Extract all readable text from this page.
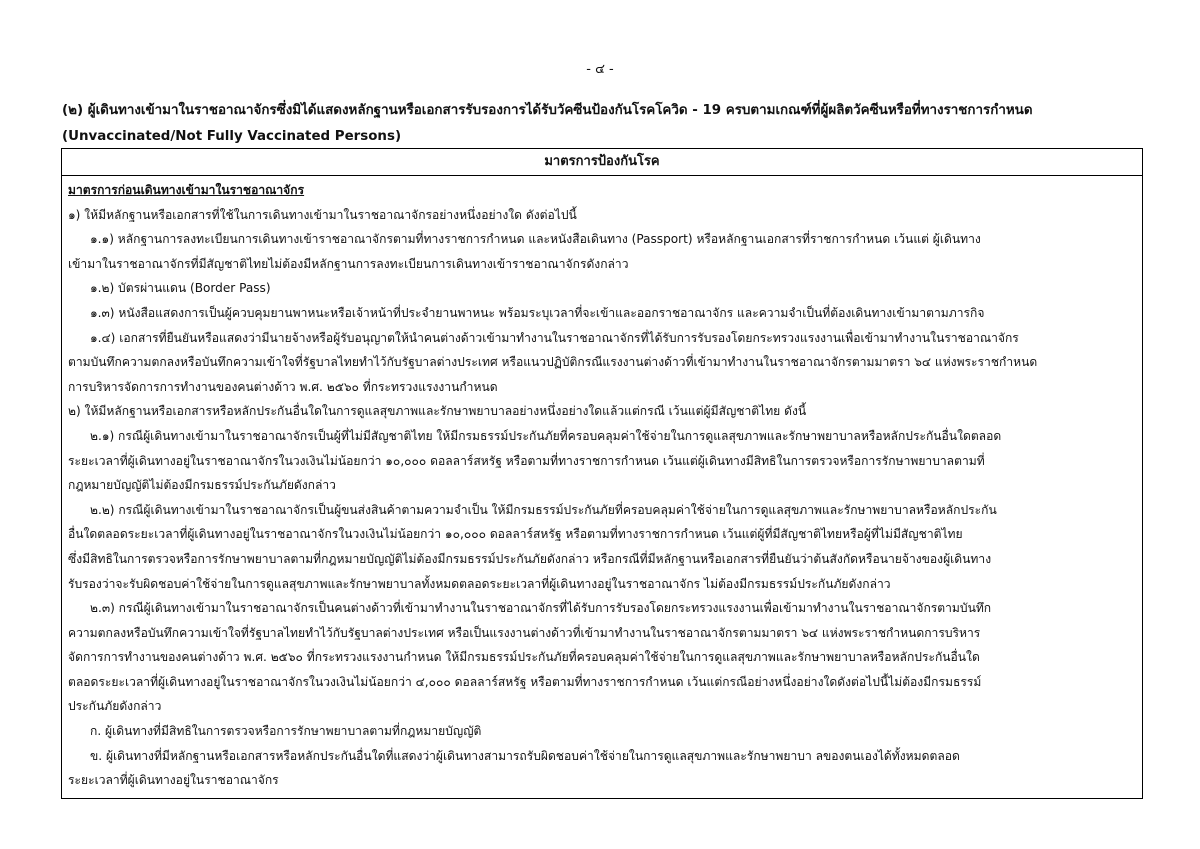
- ๔ -
(๒) ผู้เดินทางเข้ามาในราชอาณาจักรซึ่งมิได้แสดงหลักฐานหรือเอกสารรับรองการได้รับวัคซีนป้องกันโรคโควิด - 19 ครบตามเกณฑ์ที่ผู้ผลิตวัคซีนหรือที่ทางราชการกำหนด
(Unvaccinated/Not Fully Vaccinated Persons)
มาตรการป้องกันโรค
มาตรการก่อนเดินทางเข้ามาในราชอาณาจักร
๑) ให้มีหลักฐานหรือเอกสารที่ใช้ในการเดินทางเข้ามาในราชอาณาจักรอย่างหนึ่งอย่างใด ดังต่อไปนี้
๑.๑) หลักฐานการลงทะเบียนการเดินทางเข้าราชอาณาจักรตามที่ทางราชการกำหนด และหนังสือเดินทาง (Passport) หรือหลักฐานเอกสารที่ราชการกำหนด เว้นแต่ ผู้เดินทาง
เข้ามาในราชอาณาจักรที่มีสัญชาติไทยไม่ต้องมีหลักฐานการลงทะเบียนการเดินทางเข้าราชอาณาจักรดังกล่าว
๑.๒) บัตรผ่านแดน (Border Pass)
๑.๓) หนังสือแสดงการเป็นผู้ควบคุมยานพาหนะหรือเจ้าหน้าที่ประจำยานพาหนะ พร้อมระบุเวลาที่จะเข้าและออกราชอาณาจักร และความจำเป็นที่ต้องเดินทางเข้ามาตามภารกิจ
๑.๔) เอกสารที่ยืนยันหรือแสดงว่ามีนายจ้างหรือผู้รับอนุญาตให้นำคนต่างด้าวเข้ามาทำงานในราชอาณาจักรที่ได้รับการรับรองโดยกระทรวงแรงงานเพื่อเข้ามาทำงานในราชอาณาจักร
ตามบันทึกความตกลงหรือบันทึกความเข้าใจที่รัฐบาลไทยทำไว้กับรัฐบาลต่างประเทศ หรือแนวปฏิบัติกรณีแรงงานต่างด้าวที่เข้ามาทำงานในราชอาณาจักรตามมาตรา ๖๔ แห่งพระราชกำหนด
การบริหารจัดการการทำงานของคนต่างด้าว พ.ศ. ๒๕๖๐ ที่กระทรวงแรงงานกำหนด
๒) ให้มีหลักฐานหรือเอกสารหรือหลักประกันอื่นใดในการดูแลสุขภาพและรักษาพยาบาลอย่างหนึ่งอย่างใดแล้วแต่กรณี เว้นแต่ผู้มีสัญชาติไทย ดังนี้
๒.๑) กรณีผู้เดินทางเข้ามาในราชอาณาจักรเป็นผู้ที่ไม่มีสัญชาติไทย ให้มีกรมธรรม์ประกันภัยที่ครอบคลุมค่าใช้จ่ายในการดูแลสุขภาพและรักษาพยาบาลหรือหลักประกันอื่นใดตลอด
ระยะเวลาที่ผู้เดินทางอยู่ในราชอาณาจักรในวงเงินไม่น้อยกว่า ๑๐,๐๐๐ ดอลลาร์สหรัฐ หรือตามที่ทางราชการกำหนด เว้นแต่ผู้เดินทางมีสิทธิในการตรวจหรือการรักษาพยาบาลตามที่
กฎหมายบัญญัติไม่ต้องมีกรมธรรม์ประกันภัยดังกล่าว
๒.๒) กรณีผู้เดินทางเข้ามาในราชอาณาจักรเป็นผู้ขนส่งสินค้าตามความจำเป็น ให้มีกรมธรรม์ประกันภัยที่ครอบคลุมค่าใช้จ่ายในการดูแลสุขภาพและรักษาพยาบาลหรือหลักประกัน
อื่นใดตลอดระยะเวลาที่ผู้เดินทางอยู่ในราชอาณาจักรในวงเงินไม่น้อยกว่า ๑๐,๐๐๐ ดอลลาร์สหรัฐ หรือตามที่ทางราชการกำหนด เว้นแต่ผู้ที่มีสัญชาติไทยหรือผู้ที่ไม่มีสัญชาติไทย
ซึ่งมีสิทธิในการตรวจหรือการรักษาพยาบาลตามที่กฎหมายบัญญัติไม่ต้องมีกรมธรรม์ประกันภัยดังกล่าว หรือกรณีที่มีหลักฐานหรือเอกสารที่ยืนยันว่าต้นสังกัดหรือนายจ้างของผู้เดินทาง
รับรองว่าจะรับผิดชอบค่าใช้จ่ายในการดูแลสุขภาพและรักษาพยาบาลทั้งหมดตลอดระยะเวลาที่ผู้เดินทางอยู่ในราชอาณาจักร ไม่ต้องมีกรมธรรม์ประกันภัยดังกล่าว
๒.๓) กรณีผู้เดินทางเข้ามาในราชอาณาจักรเป็นคนต่างด้าวที่เข้ามาทำงานในราชอาณาจักรที่ได้รับการรับรองโดยกระทรวงแรงงานเพื่อเข้ามาทำงานในราชอาณาจักรตามบันทึก
ความตกลงหรือบันทึกความเข้าใจที่รัฐบาลไทยทำไว้กับรัฐบาลต่างประเทศ หรือเป็นแรงงานต่างด้าวที่เข้ามาทำงานในราชอาณาจักรตามมาตรา ๖๔ แห่งพระราชกำหนดการบริหาร
จัดการการทำงานของคนต่างด้าว พ.ศ. ๒๕๖๐ ที่กระทรวงแรงงานกำหนด ให้มีกรมธรรม์ประกันภัยที่ครอบคลุมค่าใช้จ่ายในการดูแลสุขภาพและรักษาพยาบาลหรือหลักประกันอื่นใด
ตลอดระยะเวลาที่ผู้เดินทางอยู่ในราชอาณาจักรในวงเงินไม่น้อยกว่า ๔,๐๐๐ ดอลลาร์สหรัฐ หรือตามที่ทางราชการกำหนด เว้นแต่กรณีอย่างหนึ่งอย่างใดดังต่อไปนี้ไม่ต้องมีกรมธรรม์
ประกันภัยดังกล่าว
ก. ผู้เดินทางที่มีสิทธิในการตรวจหรือการรักษาพยาบาลตามที่กฎหมายบัญญัติ
ข. ผู้เดินทางที่มีหลักฐานหรือเอกสารหรือหลักประกันอื่นใดที่แสดงว่าผู้เดินทางสามารถรับผิดชอบค่าใช้จ่ายในการดูแลสุขภาพและรักษาพยาบา ลของตนเองได้ทั้งหมดตลอด
ระยะเวลาที่ผู้เดินทางอยู่ในราชอาณาจักร
